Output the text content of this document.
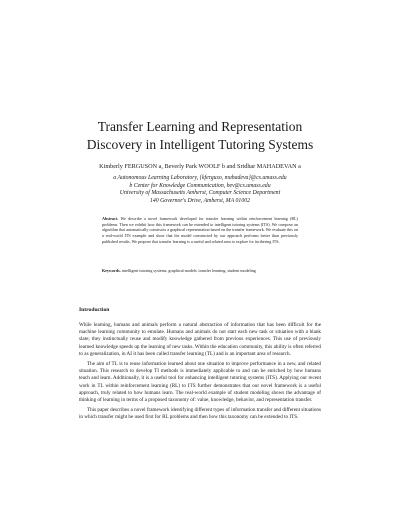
Transfer Learning and Representation
Discovery in Intelligent Tutoring Systems
Kimberly FERGUSON a, Beverly Park WOOLF b and Sridhar MAHADEVAN a
a Autonomous Learning Laboratory, {kferguso, mahadeva}@cs.umass.edu
b Center for Knowledge Communication, bev@cs.umass.edu
University of Massachusetts Amherst, Computer Science Department
140 Governor's Drive, Amherst, MA 01002
Abstract. We describe a novel framework developed for transfer learning within reinforcement learning (RL) problems. Then we exhibit how this framework can be extended to intelligent tutoring systems (ITS). We compose an algorithm that automatically constructs a graphical representation based on the transfer framework. We evaluate this on a real-world ITS example and show that the model constructed by our approach performs better than previously published results. We propose that transfer learning is a useful and related area to explore for furthering ITS.
Keywords. intelligent tutoring systems, graphical models, transfer learning, student modeling
Introduction

While learning, humans and animals perform a natural abstraction of information that has been difficult for the machine learning community to emulate. Humans and animals do not start each new task or situation with a blank slate; they instinctually reuse and modify knowledge gathered from previous experiences. This use of previously learned knowledge speeds up the learning of new tasks. Within the education community, this ability is often referred to as generalization, in AI it has been called transfer learning (TL) and is an important area of research.

The aim of TL is to reuse information learned about one situation to improve performance in a new, and related situation. This research to develop TI methods is immediately applicable to and can be enriched by how humans teach and learn. Additionally, it is a useful tool for enhancing intelligent tutoring systems (ITS). Applying our recent work in TL within reinforcement learning (RL) to ITS further demonstrates that our novel framework is a useful approach, truly related to how humans learn. The real-world example of student modeling shows the advantage of thinking of learning in terms of a proposed taxonomy of: value, knowledge, behavior, and representation transfer.

This paper describes a novel framework identifying different types of information transfer and different situations in which transfer might be used first for RL problems and then how this taxonomy can be extended to ITS.
